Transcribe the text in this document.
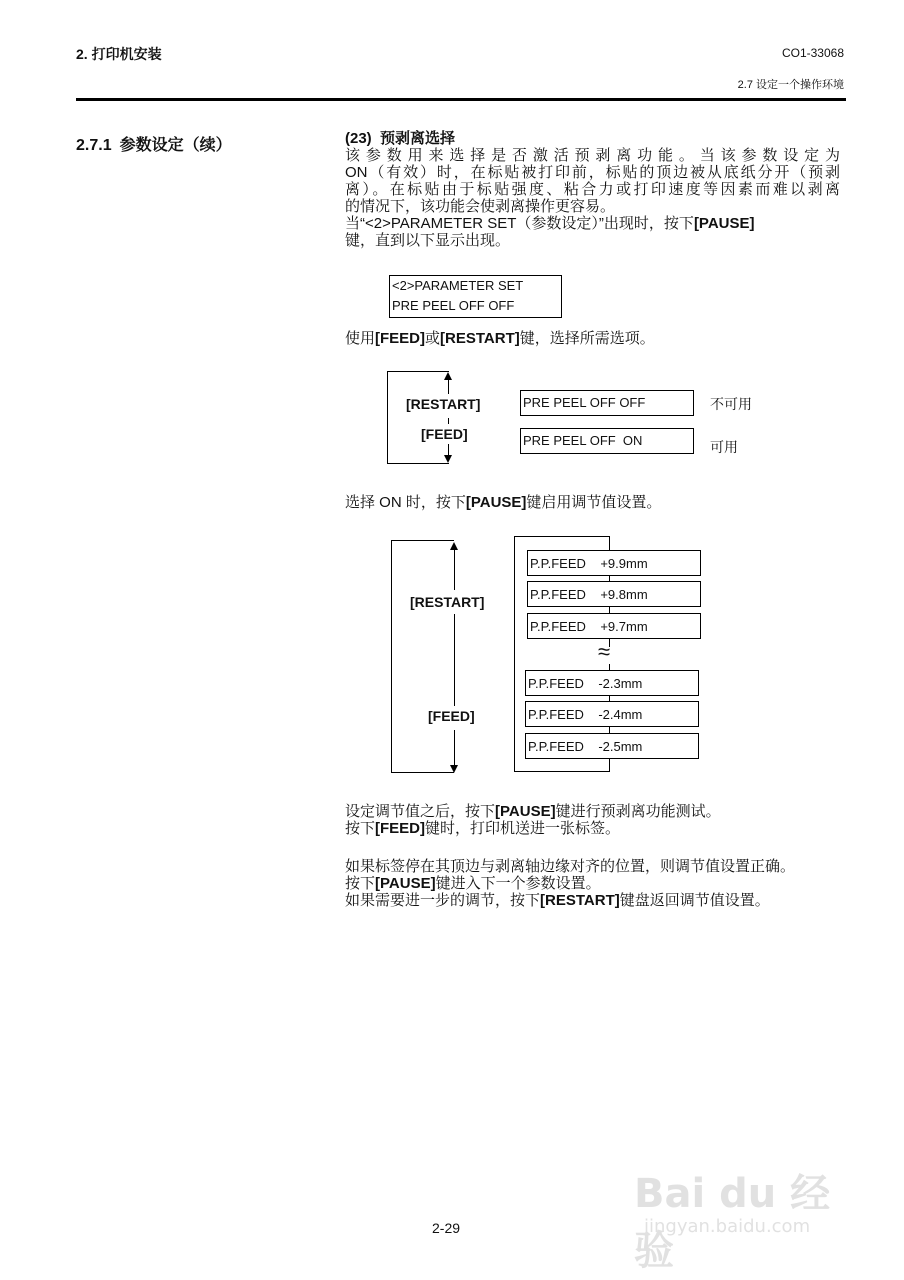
2. 打印机安装	CO1-33068
2.7 设定一个操作环境
2.7.1 参数设定（续）	(23) 预剥离选择

该 参 数 用 来 选 择 是 否 激 活 预 剥 离 功 能 。 当 该 参 数 设 定 为

ON（有效）时，在标贴被打印前，标贴的顶边被从底纸分开（预剥

离）。在标贴由于标贴强度、粘合力或打印速度等因素而难以剥离

的情况下，该功能会使剥离操作更容易。

当“<2>PARAMETER SET（参数设定）”出现时，按下[PAUSE]

键，直到以下显示出现。

<2>PARAMETER SET
PRE PEEL OFF OFF
使用[FEED]或[RESTART]键，选择所需选项。
[RESTART]
[FEED]
PRE PEEL OFF OFF
PRE PEEL OFF  ON
不可用
可用
选择 ON 时，按下[PAUSE]键启用调节值设置。
[RESTART]
[FEED]
P.P.FEED    +9.9mm
P.P.FEED    +9.8mm
P.P.FEED    +9.7mm
≈
P.P.FEED    -2.3mm
P.P.FEED    -2.4mm
P.P.FEED    -2.5mm

设定调节值之后，按下[PAUSE]键进行预剥离功能测试。

按下[FEED]键时，打印机送进一张标签。

如果标签停在其顶边与剥离轴边缘对齐的位置，则调节值设置正确。

按下[PAUSE]键进入下一个参数设置。

如果需要进一步的调节，按下[RESTART]键盘返回调节值设置。

Bai du 经验
jingyan.baidu.com
2-29
